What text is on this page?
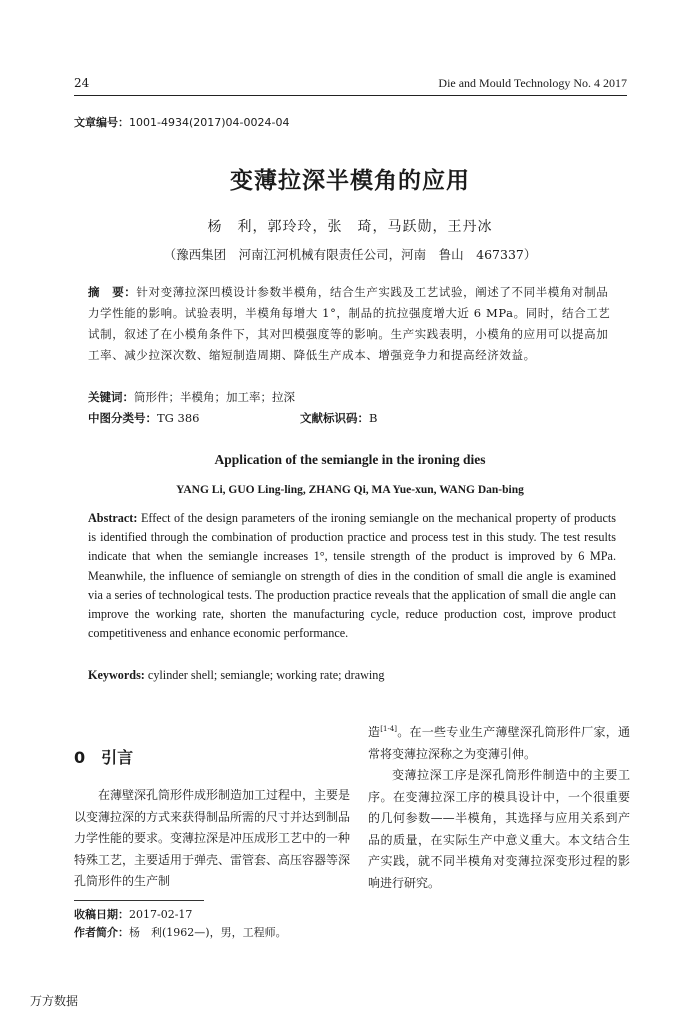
24	Die and Mould Technology No. 4 2017
文章编号：1001-4934(2017)04-0024-04
变薄拉深半模角的应用
杨　利，郭玲玲，张　琦，马跃勋，王丹冰
（豫西集团　河南江河机械有限责任公司，河南　鲁山　467337）
摘　要：针对变薄拉深凹模设计参数半模角，结合生产实践及工艺试验，阐述了不同半模角对制品力学性能的影响。试验表明，半模角每增大 1°，制品的抗拉强度增大近 6 MPa。同时，结合工艺试制，叙述了在小模角条件下，其对凹模强度等的影响。生产实践表明，小模角的应用可以提高加工率、减少拉深次数、缩短制造周期、降低生产成本、增强竞争力和提高经济效益。
关键词：筒形件；半模角；加工率；拉深
中图分类号：TG 386	文献标识码：B
Application of the semiangle in the ironing dies
YANG Li, GUO Ling-ling, ZHANG Qi, MA Yue-xun, WANG Dan-bing
Abstract: Effect of the design parameters of the ironing semiangle on the mechanical property of products is identified through the combination of production practice and process test in this study. The test results indicate that when the semiangle increases 1°, tensile strength of the product is improved by 6 MPa. Meanwhile, the influence of semiangle on strength of dies in the condition of small die angle is examined via a series of technological tests. The production practice reveals that the application of small die angle can improve the working rate, shorten the manufacturing cycle, reduce production cost, improve product competitiveness and enhance economic performance.
Keywords: cylinder shell; semiangle; working rate; drawing
0 引言

在薄壁深孔筒形件成形制造加工过程中，主要是以变薄拉深的方式来获得制品所需的尺寸并达到制品力学性能的要求。变薄拉深是冲压成形工艺中的一种特殊工艺，主要适用于弹壳、雷管套、高压容器等深孔筒形件的生产制

造[1-4]。在一些专业生产薄壁深孔筒形件厂家，通常将变薄拉深称之为变薄引伸。

变薄拉深工序是深孔筒形件制造中的主要工序。在变薄拉深工序的模具设计中，一个很重要的几何参数——半模角，其选择与应用关系到产品的质量，在实际生产中意义重大。本文结合生产实践，就不同半模角对变薄拉深变形过程的影响进行研究。

收稿日期：2017-02-17
作者简介：杨　利(1962—)，男，工程师。
万方数据
